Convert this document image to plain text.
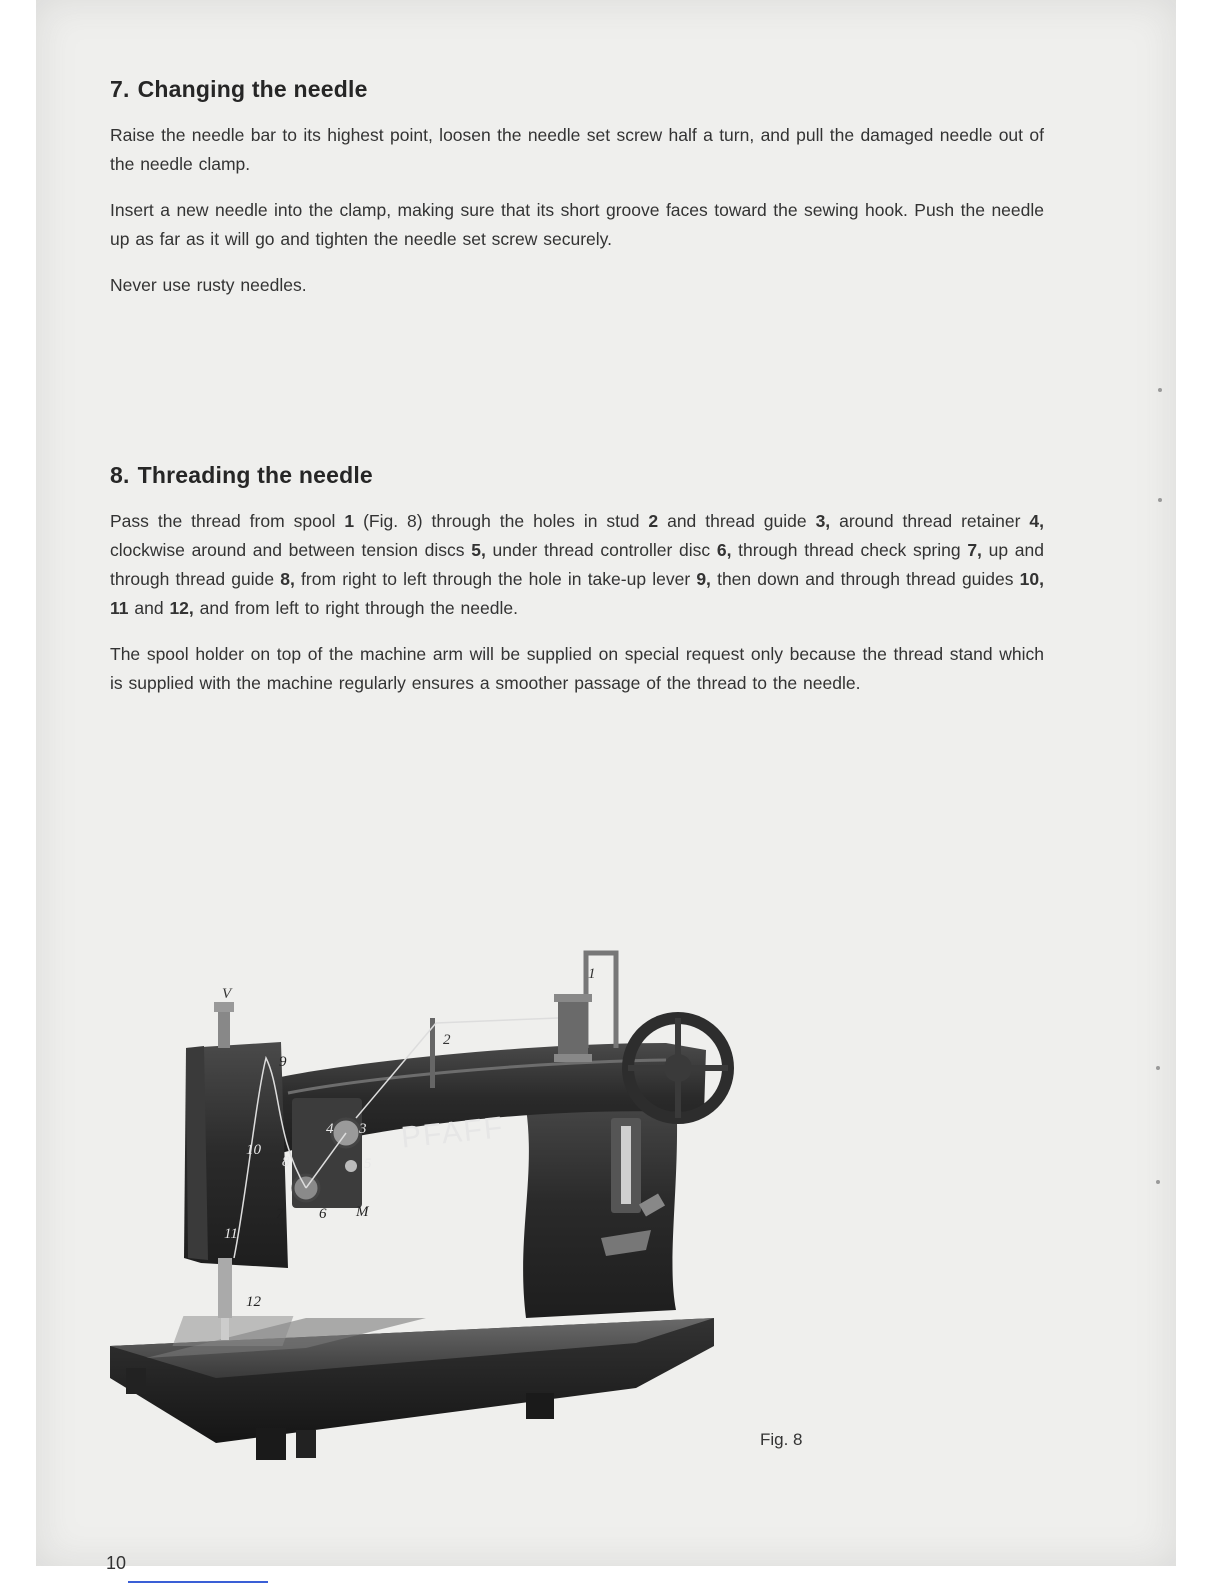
7. Changing the needle

Raise the needle bar to its highest point, loosen the needle set screw half a turn, and pull the damaged needle out of the needle clamp.

Insert a new needle into the clamp, making sure that its short groove faces toward the sewing hook. Push the needle up as far as it will go and tighten the needle set screw securely.

Never use rusty needles.

8. Threading the needle

Pass the thread from spool 1 (Fig. 8) through the holes in stud 2 and thread guide 3, around thread retainer 4, clockwise around and between tension discs 5, under thread controller disc 6, through thread check spring 7, up and through thread guide 8, from right to left through the hole in take-up lever 9, then down and through thread guides 10, 11 and 12, and from left to right through the needle.

The spool holder on top of the machine arm will be supplied on special request only because the thread stand which is supplied with the machine regularly ensures a smoother passage of the thread to the needle.

PFAFF
1
2
3
4
5
6
7
8
9
10
11
12
V
M
Fig. 8
10
